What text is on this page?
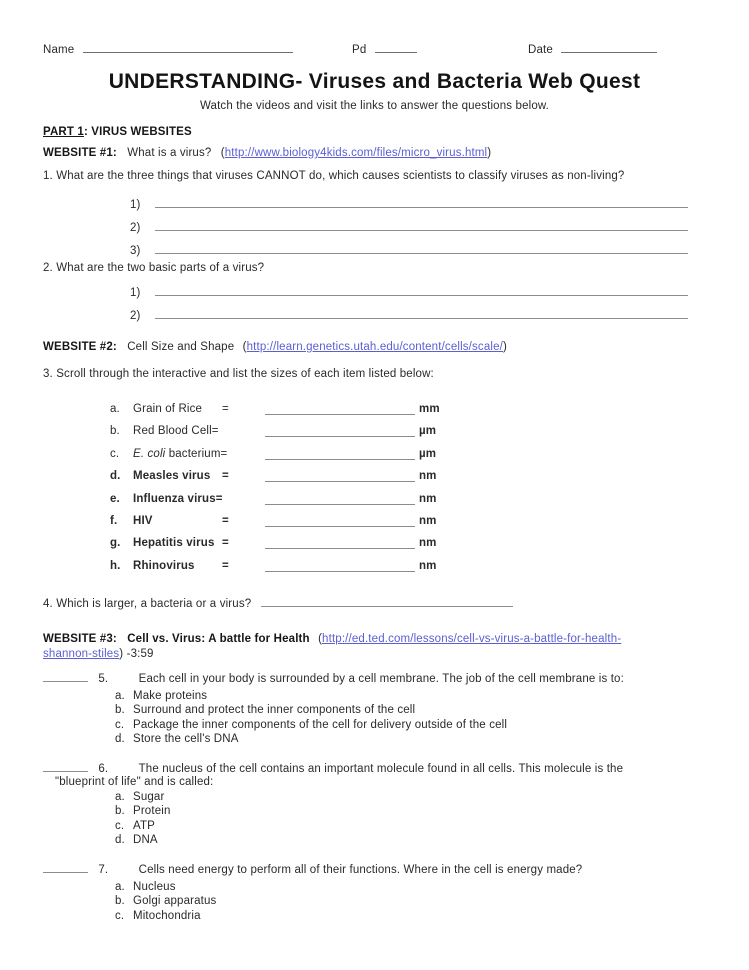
Name	Pd	Date
UNDERSTANDING- Viruses and Bacteria Web Quest
Watch the videos and visit the links to answer the questions below.
PART 1: VIRUS WEBSITES
WEBSITE #1: What is a virus? (http://www.biology4kids.com/files/micro_virus.html)
1. What are the three things that viruses CANNOT do, which causes scientists to classify viruses as non-living?
1)
2)
3)
2. What are the two basic parts of a virus?
1)
2)
WEBSITE #2: Cell Size and Shape (http://learn.genetics.utah.edu/content/cells/scale/)
3. Scroll through the interactive and list the sizes of each item listed below:
a.	Grain of Rice	=	mm
b.	Red Blood Cell=	µm
c.	E. coli bacterium=	µm
d.	Measles virus	=	nm
e.	Influenza virus=	nm
f.	HIV	=	nm
g.	Hepatitis virus =	nm
h.	Rhinovirus	=	nm
4. Which is larger, a bacteria or a virus?
WEBSITE #3: Cell vs. Virus: A battle for Health (http://ed.ted.com/lessons/cell-vs-virus-a-battle-for-health-
shannon-stiles) -3:59
5.	Each cell in your body is surrounded by a cell membrane. The job of the cell membrane is to:
a. Make proteins
b. Surround and protect the inner components of the cell
c. Package the inner components of the cell for delivery outside of the cell
d. Store the cell's DNA
6.	The nucleus of the cell contains an important molecule found in all cells. This molecule is the
"blueprint of life" and is called:
a. Sugar
b. Protein
c. ATP
d. DNA
7.	Cells need energy to perform all of their functions. Where in the cell is energy made?
a. Nucleus
b. Golgi apparatus
c. Mitochondria
